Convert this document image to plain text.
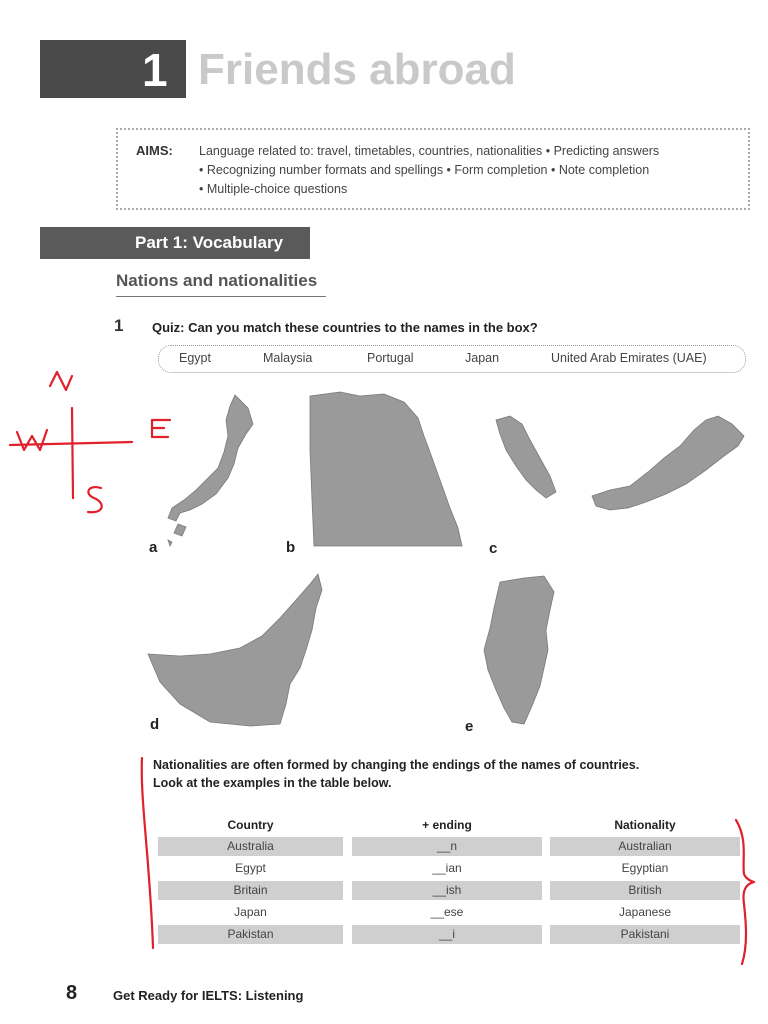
1 Friends abroad
AIMS: Language related to: travel, timetables, countries, nationalities • Predicting answers
• Recognizing number formats and spellings • Form completion • Note completion
• Multiple-choice questions
Part 1: Vocabulary
Nations and nationalities
1 Quiz: Can you match these countries to the names in the box?
Egypt	Malaysia	Portugal	Japan	United Arab Emirates (UAE)
a	b	c
d	e
Nationalities are often formed by changing the endings of the names of countries.
Look at the examples in the table below.
Country	+ ending	Nationality
Australia	__n	Australian
Egypt	__ian	Egyptian
Britain	__ish	British
Japan	__ese	Japanese
Pakistan	__i	Pakistani
8	Get Ready for IELTS: Listening
